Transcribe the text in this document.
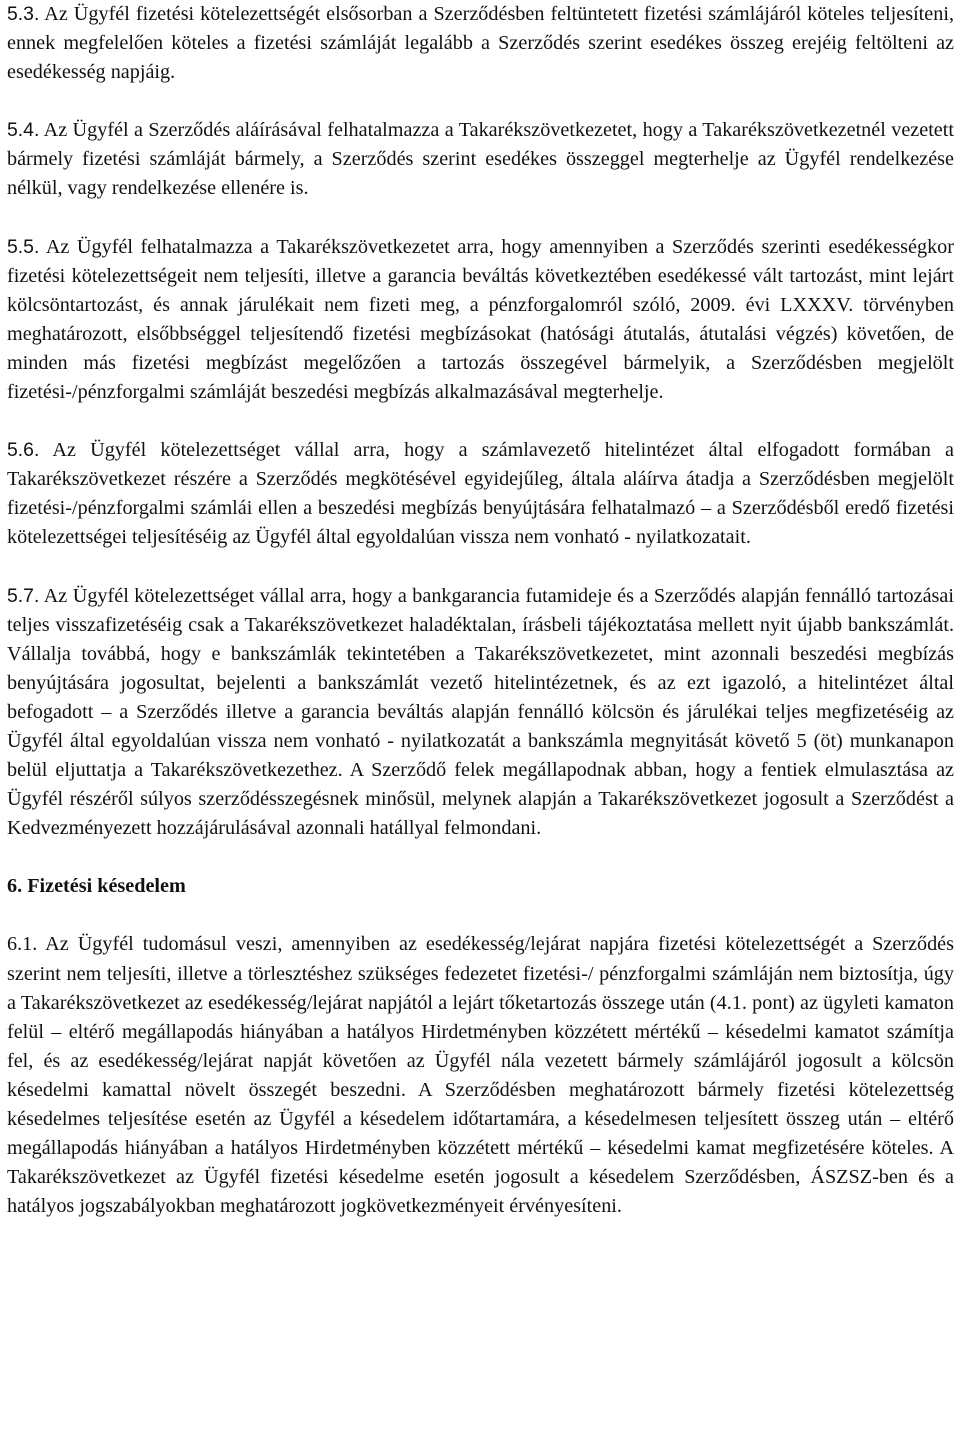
5.3. Az Ügyfél fizetési kötelezettségét elsősorban a Szerződésben feltüntetett fizetési számlájáról köteles teljesíteni, ennek megfelelően köteles a fizetési számláját legalább a Szerződés szerint esedékes összeg erejéig feltölteni az esedékesség napjáig.

5.4. Az Ügyfél a Szerződés aláírásával felhatalmazza a Takarékszövetkezetet, hogy a Takarékszövetkezetnél vezetett bármely fizetési számláját bármely, a Szerződés szerint esedékes összeggel megterhelje az Ügyfél rendelkezése nélkül, vagy rendelkezése ellenére is.

5.5. Az Ügyfél felhatalmazza a Takarékszövetkezetet arra, hogy amennyiben a Szerződés szerinti esedékességkor fizetési kötelezettségeit nem teljesíti, illetve a garancia beváltás következtében esedékessé vált tartozást, mint lejárt kölcsöntartozást, és annak járulékait nem fizeti meg, a pénzforgalomról szóló, 2009. évi LXXXV. törvényben meghatározott, elsőbbséggel teljesítendő fizetési megbízásokat (hatósági átutalás, átutalási végzés) követően, de minden más fizetési megbízást megelőzően a tartozás összegével bármelyik, a Szerződésben megjelölt fizetési-/pénzforgalmi számláját beszedési megbízás alkalmazásával megterhelje.

5.6. Az Ügyfél kötelezettséget vállal arra, hogy a számlavezető hitelintézet által elfogadott formában a Takarékszövetkezet részére a Szerződés megkötésével egyidejűleg, általa aláírva átadja a Szerződésben megjelölt fizetési-/pénzforgalmi számlái ellen a beszedési megbízás benyújtására felhatalmazó – a Szerződésből eredő fizetési kötelezettségei teljesítéséig az Ügyfél által egyoldalúan vissza nem vonható - nyilatkozatait.

5.7. Az Ügyfél kötelezettséget vállal arra, hogy a bankgarancia futamideje és a Szerződés alapján fennálló tartozásai teljes visszafizetéséig csak a Takarékszövetkezet haladéktalan, írásbeli tájékoztatása mellett nyit újabb bankszámlát. Vállalja továbbá, hogy e bankszámlák tekintetében a Takarékszövetkezetet, mint azonnali beszedési megbízás benyújtására jogosultat, bejelenti a bankszámlát vezető hitelintézetnek, és az ezt igazoló, a hitelintézet által befogadott – a Szerződés illetve a garancia beváltás alapján fennálló kölcsön és járulékai teljes megfizetéséig az Ügyfél által egyoldalúan vissza nem vonható - nyilatkozatát a bankszámla megnyitását követő 5 (öt) munkanapon belül eljuttatja a Takarékszövetkezethez. A Szerződő felek megállapodnak abban, hogy a fentiek elmulasztása az Ügyfél részéről súlyos szerződésszegésnek minősül, melynek alapján a Takarékszövetkezet jogosult a Szerződést a Kedvezményezett hozzájárulásával azonnali hatállyal felmondani.

6. Fizetési késedelem

6.1. Az Ügyfél tudomásul veszi, amennyiben az esedékesség/lejárat napjára fizetési kötelezettségét a Szerződés szerint nem teljesíti, illetve a törlesztéshez szükséges fedezetet fizetési-/ pénzforgalmi számláján nem biztosítja, úgy a Takarékszövetkezet az esedékesség/lejárat napjától a lejárt tőketartozás összege után (4.1. pont) az ügyleti kamaton felül – eltérő megállapodás hiányában a hatályos Hirdetményben közzétett mértékű – késedelmi kamatot számítja fel, és az esedékesség/lejárat napját követően az Ügyfél nála vezetett bármely számlájáról jogosult a kölcsön késedelmi kamattal növelt összegét beszedni. A Szerződésben meghatározott bármely fizetési kötelezettség késedelmes teljesítése esetén az Ügyfél a késedelem időtartamára, a késedelmesen teljesített összeg után – eltérő megállapodás hiányában a hatályos Hirdetményben közzétett mértékű – késedelmi kamat megfizetésére köteles. A Takarékszövetkezet az Ügyfél fizetési késedelme esetén jogosult a késedelem Szerződésben, ÁSZSZ-ben és a hatályos jogszabályokban meghatározott jogkövetkezményeit érvényesíteni.
